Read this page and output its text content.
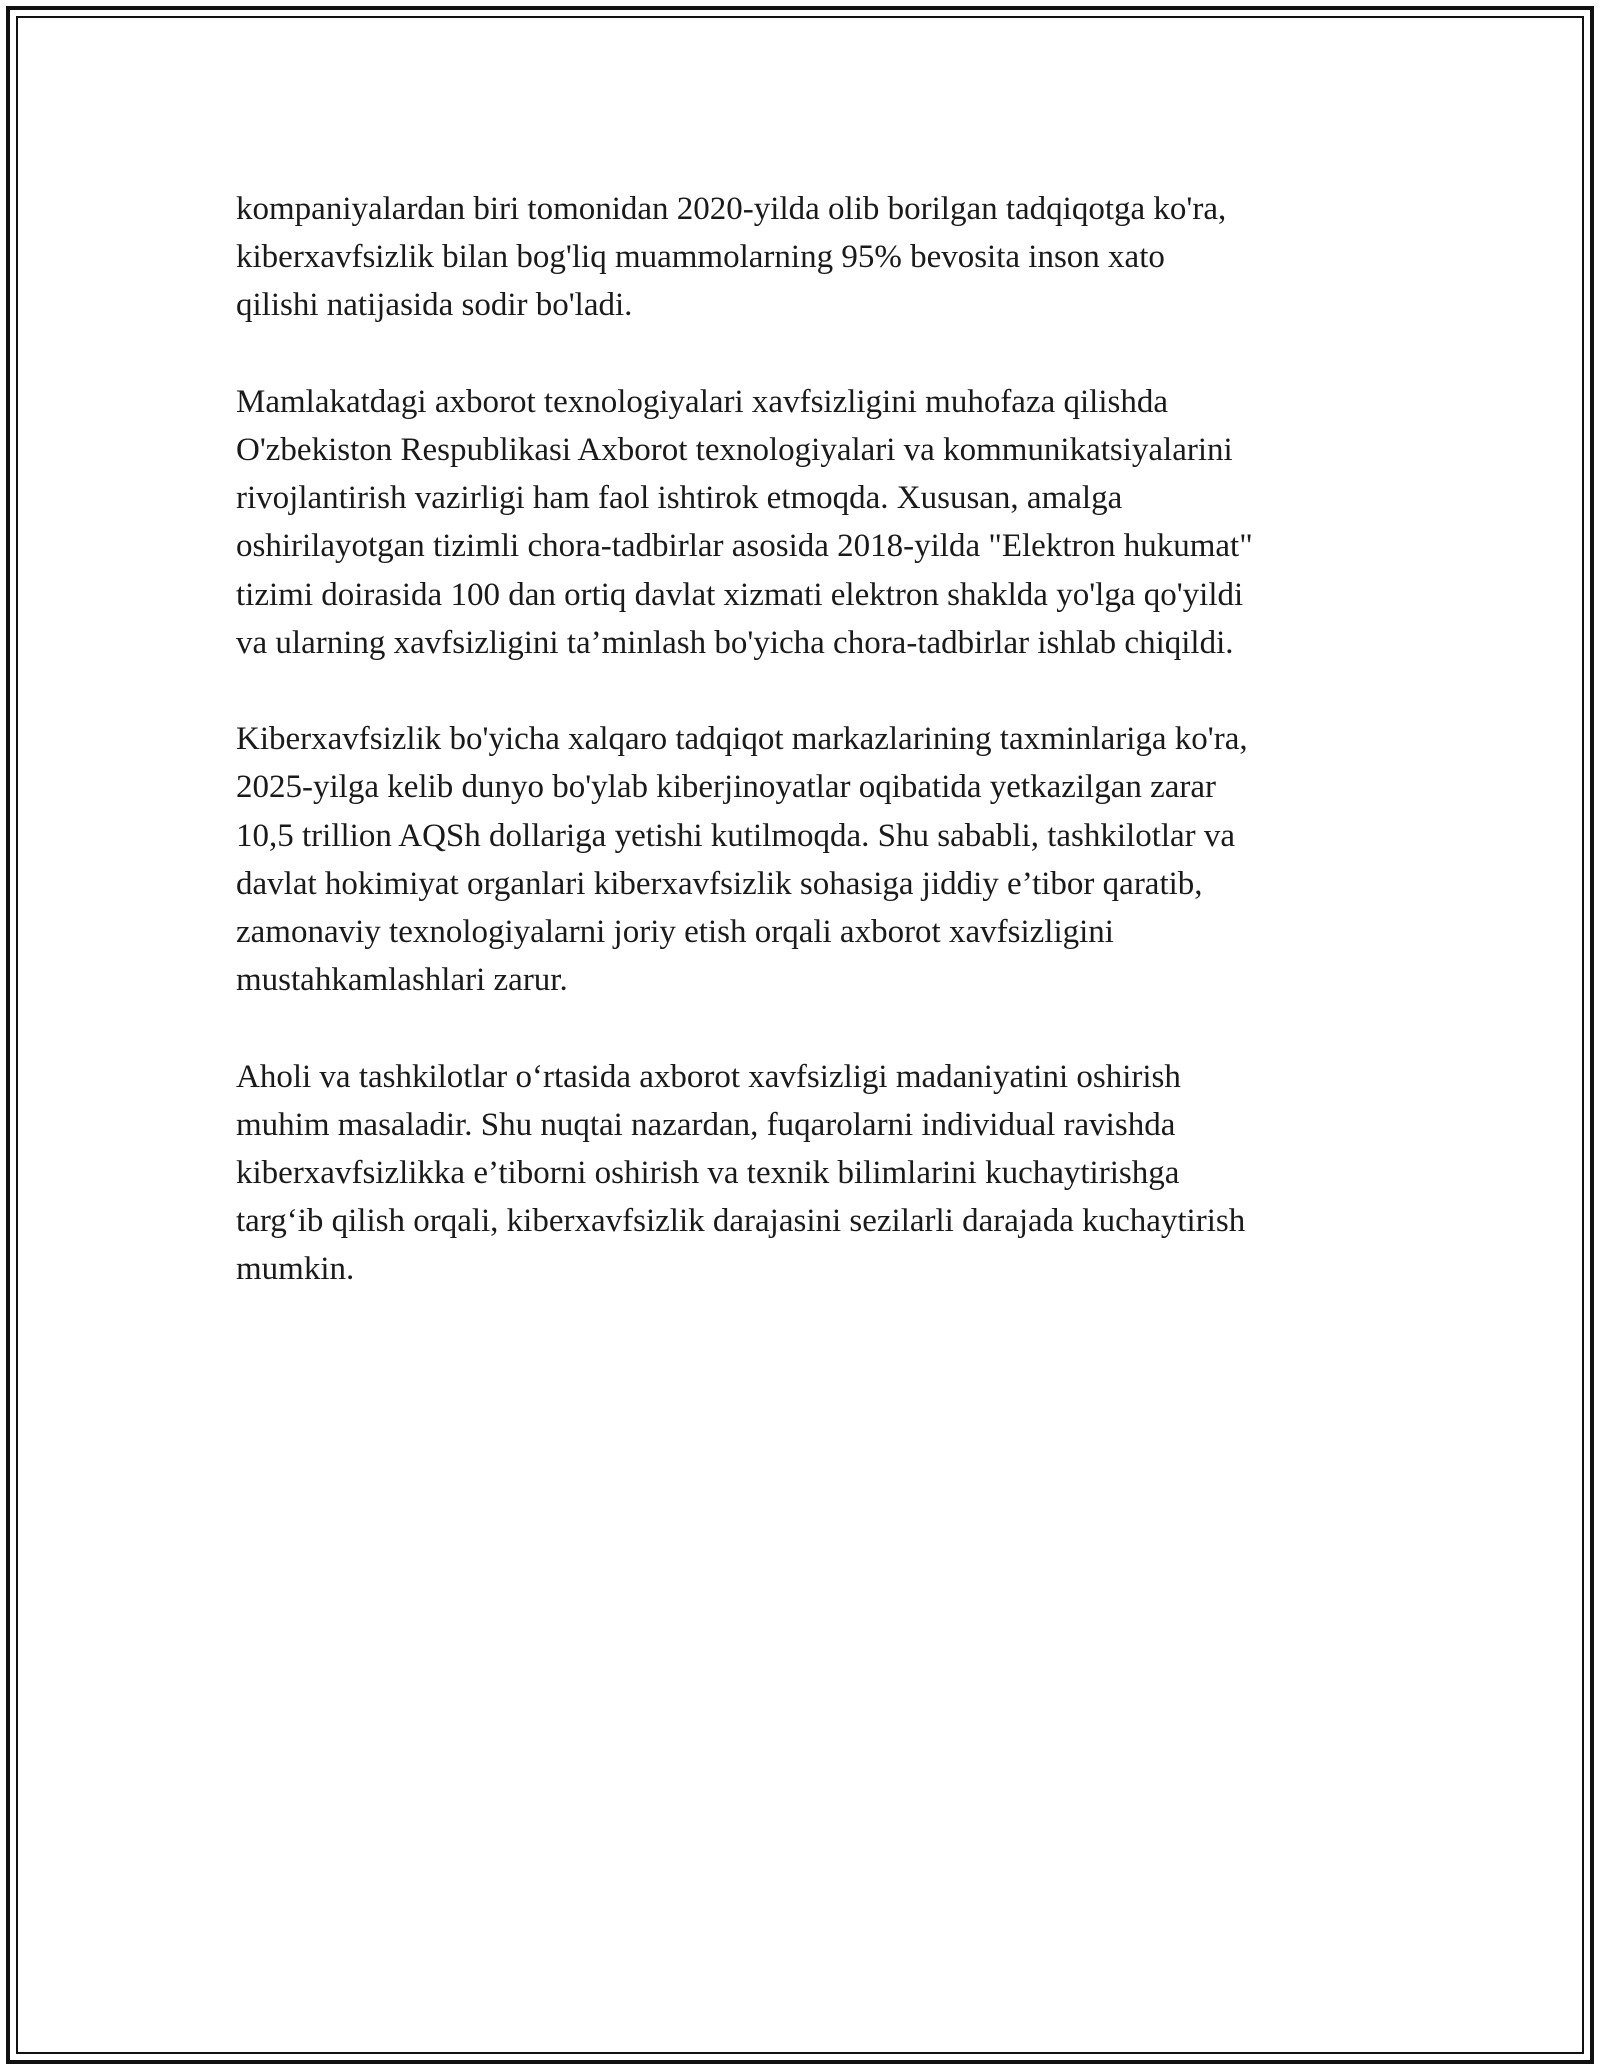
kompaniyalardan biri tomonidan 2020-yilda olib borilgan tadqiqotga ko'ra,
kiberxavfsizlik bilan bog'liq muammolarning 95% bevosita inson xato
qilishi natijasida sodir bo'ladi.
Mamlakatdagi axborot texnologiyalari xavfsizligini muhofaza qilishda
O'zbekiston Respublikasi Axborot texnologiyalari va kommunikatsiyalarini
rivojlantirish vazirligi ham faol ishtirok etmoqda. Xususan, amalga
oshirilayotgan tizimli chora-tadbirlar asosida 2018-yilda "Elektron hukumat"
tizimi doirasida 100 dan ortiq davlat xizmati elektron shaklda yo'lga qo'yildi
va ularning xavfsizligini ta’minlash bo'yicha chora-tadbirlar ishlab chiqildi.
Kiberxavfsizlik bo'yicha xalqaro tadqiqot markazlarining taxminlariga ko'ra,
2025-yilga kelib dunyo bo'ylab kiberjinoyatlar oqibatida yetkazilgan zarar
10,5 trillion AQSh dollariga yetishi kutilmoqda. Shu sababli, tashkilotlar va
davlat hokimiyat organlari kiberxavfsizlik sohasiga jiddiy e’tibor qaratib,
zamonaviy texnologiyalarni joriy etish orqali axborot xavfsizligini
mustahkamlashlari zarur.
Aholi va tashkilotlar o‘rtasida axborot xavfsizligi madaniyatini oshirish
muhim masaladir. Shu nuqtai nazardan, fuqarolarni individual ravishda
kiberxavfsizlikka e’tiborni oshirish va texnik bilimlarini kuchaytirishga
targ‘ib qilish orqali, kiberxavfsizlik darajasini sezilarli darajada kuchaytirish
mumkin.
